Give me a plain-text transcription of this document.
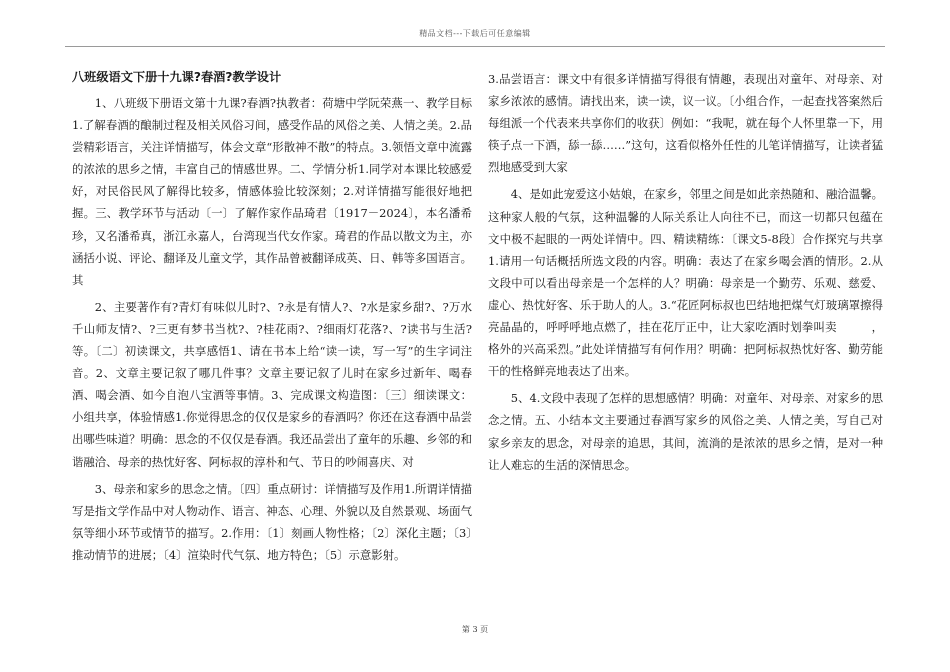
精品文档---下载后可任意编辑
八班级语文下册十九课?春酒?教学设计

1、八班级下册语文第十九课?春酒?执教者：荷塘中学阮荣燕一、教学目标1.了解春酒的酿制过程及相关风俗习间，感受作品的风俗之美、人情之美。2.品尝精彩语言，关注详情描写，体会文章“形散神不散”的特点。3.领悟文章中流露的浓浓的思乡之情，丰富自己的情感世界。二、学情分析1.同学对本课比较感爱好，对民俗民风了解得比较多，情感体验比较深刻；2.对详情描写能很好地把握。三、教学环节与活动〔一〕了解作家作品琦君〔1917－2024〕，本名潘希珍，又名潘希真，浙江永嘉人，台湾现当代女作家。琦君的作品以散文为主，亦涵括小说、评论、翻译及儿童文学，其作品曾被翻译成英、日、韩等多国语言。其

2、主要著作有?青灯有味似儿时?、?永是有情人?、?水是家乡甜?、?万水千山师友情?、?三更有梦书当枕?、?桂花雨?、?细雨灯花落?、?读书与生活?等。〔二〕初读课文，共享感悟1、请在书本上给“读一读，写一写”的生字词注音。2、文章主要记叙了哪几件事？文章主要记叙了儿时在家乡过新年、喝春酒、喝会酒、如今自泡八宝酒等事情。3、完成课文构造图：〔三〕细读课文：小组共享，体验情感1.你觉得思念的仅仅是家乡的春酒吗？你还在这春酒中品尝出哪些味道？明确：思念的不仅仅是春酒。我还品尝出了童年的乐趣、乡邻的和谐融洽、母亲的热忱好客、阿标叔的淳朴和气、节日的吵闹喜庆、对

3、母亲和家乡的思念之情。〔四〕重点研讨：详情描写及作用1.所谓详情描写是指文学作品中对人物动作、语言、神态、心理、外貌以及自然景观、场面气氛等细小环节或情节的描写。2.作用：〔1〕刻画人物性格；〔2〕深化主题；〔3〕推动情节的进展；〔4〕渲染时代气氛、地方特色；〔5〕示意影射。

3.品尝语言：课文中有很多详情描写得很有情趣，表现出对童年、对母亲、对家乡浓浓的感情。请找出来，读一读，议一议。〔小组合作，一起查找答案然后每组派一个代表来共享你们的收获〕例如：“我呢，就在每个人怀里靠一下，用筷子点一下酒，舔一舔……”这句，这看似格外任性的儿笔详情描写，让读者猛烈地感受到大家

4、是如此宠爱这小姑娘，在家乡，邻里之间是如此亲热随和、融洽温馨。这种家人般的气氛，这种温馨的人际关系让人向往不已，而这一切都只包蕴在文中极不起眼的一两处详情中。四、精读精练：〔课文5-8段〕合作探究与共享1.请用一句话概括所选文段的内容。明确：表达了在家乡喝会酒的情形。2.从文段中可以看出母亲是一个怎样的人？明确：母亲是一个勤劳、乐观、慈爱、虚心、热忱好客、乐于助人的人。3.“花匠阿标叔也巴结地把煤气灯玻璃罩擦得亮晶晶的，呼呼呼地点燃了，挂在花厅正中，让大家吃酒时划拳叫卖　　　，格外的兴高采烈。”此处详情描写有何作用？明确：把阿标叔热忱好客、勤劳能干的性格鲜亮地表达了出来。

5、4.文段中表现了怎样的思想感情？明确：对童年、对母亲、对家乡的思念之情。五、小结本文主要通过春酒写家乡的风俗之美、人情之美，写自己对家乡亲友的思念，对母亲的追思，其间，流淌的是浓浓的思乡之情，是对一种让人难忘的生活的深情思念。

第 3 页
